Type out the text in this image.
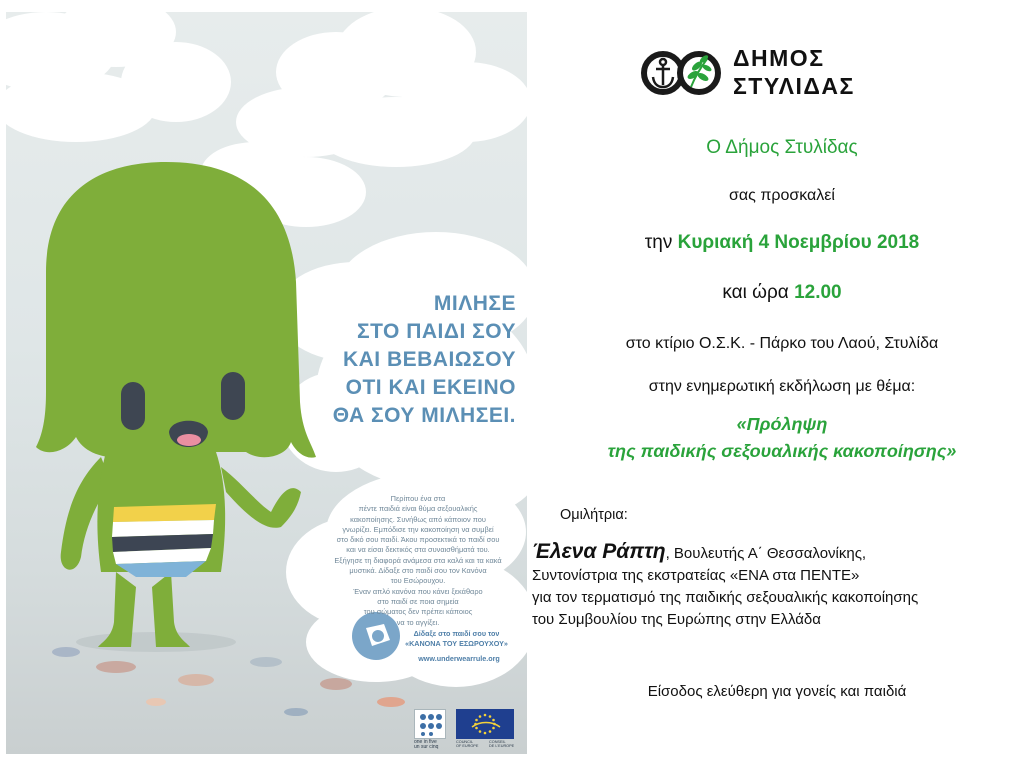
ΜΙΛΗΣΕ
ΣΤΟ ΠΑΙΔΙ ΣΟΥ
ΚΑΙ ΒΕΒΑΙΩΣΟΥ
ΟΤΙ ΚΑΙ ΕΚΕΙΝΟ
ΘΑ ΣΟΥ ΜΙΛΗΣΕΙ.
Περίπου ένα στα
πέντε παιδιά είναι θύμα σεξουαλικής
κακοποίησης. Συνήθως από κάποιον που
γνωρίζει. Εμπόδισε την κακοποίηση να συμβεί
στο δικό σου παιδί. Άκου προσεκτικά το παιδί σου
και να είσαι δεκτικός στα συναισθήματά του.
Εξήγησε τη διαφορά ανάμεσα στα καλά και τα κακά
μυστικά. Δίδαξε στο παιδί σου τον Κανόνα
του Εσώρουχου.
Έναν απλό κανόνα που κάνει ξεκάθαρο
στο παιδί σε ποια σημεία
του σώματος δεν πρέπει κάποιος
να το αγγίξει.
Δίδαξε στο παιδί σου τον
«ΚΑΝΟΝΑ ΤΟΥ ΕΣΩΡΟΥΧΟΥ»
www.underwearrule.org
one in five
un sur cinq
COUNCIL
OF EUROPE
CONSEIL
DE L'EUROPE
ΔΗΜΟΣ
ΣΤΥΛΙΔΑΣ
Ο Δήμος Στυλίδας
σας προσκαλεί
την Κυριακή 4 Νοεμβρίου 2018
και ώρα 12.00
στο κτίριο Ο.Σ.Κ. - Πάρκο του Λαού, Στυλίδα
στην ενημερωτική εκδήλωση με θέμα:
«Πρόληψη
της παιδικής σεξουαλικής κακοποίησης»
Ομιλήτρια:
Έλενα Ράπτη, Βουλευτής Α΄ Θεσσαλονίκης,
Συντονίστρια της εκστρατείας «ΕΝΑ στα ΠΕΝΤΕ»
για τον τερματισμό της παιδικής σεξουαλικής κακοποίησης
του Συμβουλίου της Ευρώπης στην Ελλάδα
Είσοδος ελεύθερη για γονείς και παιδιά
